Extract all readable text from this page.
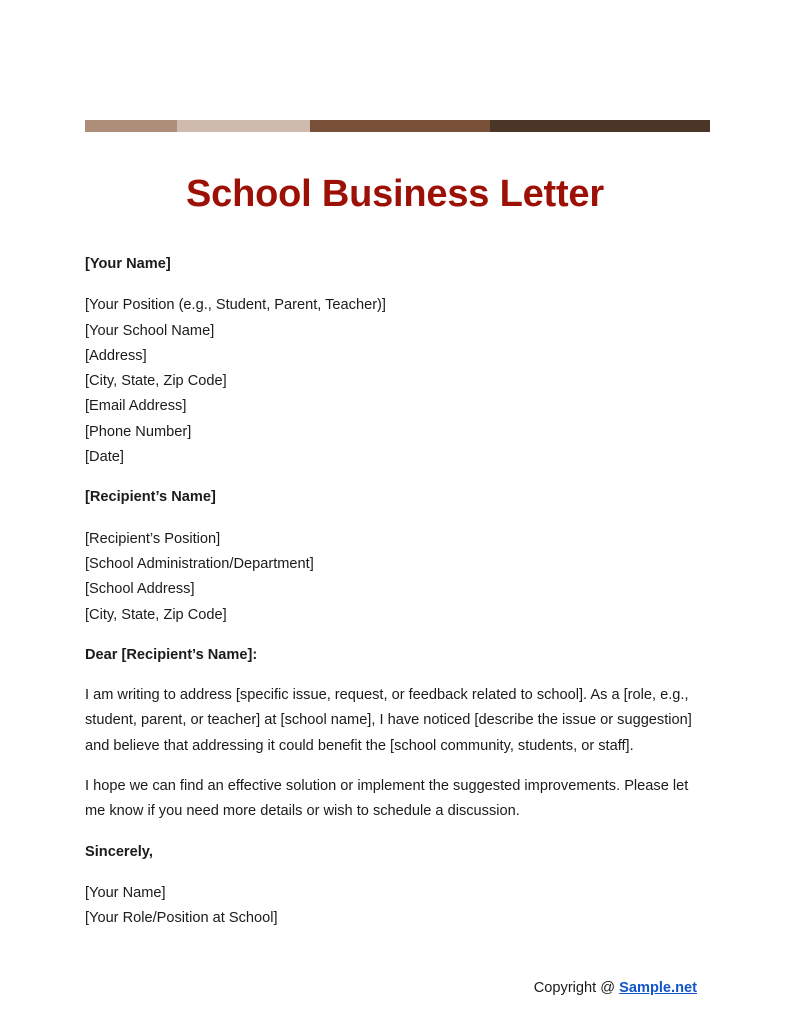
School Business Letter
[Your Name]
[Your Position (e.g., Student, Parent, Teacher)]
[Your School Name]
[Address]
[City, State, Zip Code]
[Email Address]
[Phone Number]
[Date]
[Recipient’s Name]
[Recipient’s Position]
[School Administration/Department]
[School Address]
[City, State, Zip Code]
Dear [Recipient’s Name]:

I am writing to address [specific issue, request, or feedback related to school]. As a [role, e.g., student, parent, or teacher] at [school name], I have noticed [describe the issue or suggestion] and believe that addressing it could benefit the [school community, students, or staff].

I hope we can find an effective solution or implement the suggested improvements. Please let me know if you need more details or wish to schedule a discussion.

Sincerely,
[Your Name]
[Your Role/Position at School]
Copyright @ Sample.net
